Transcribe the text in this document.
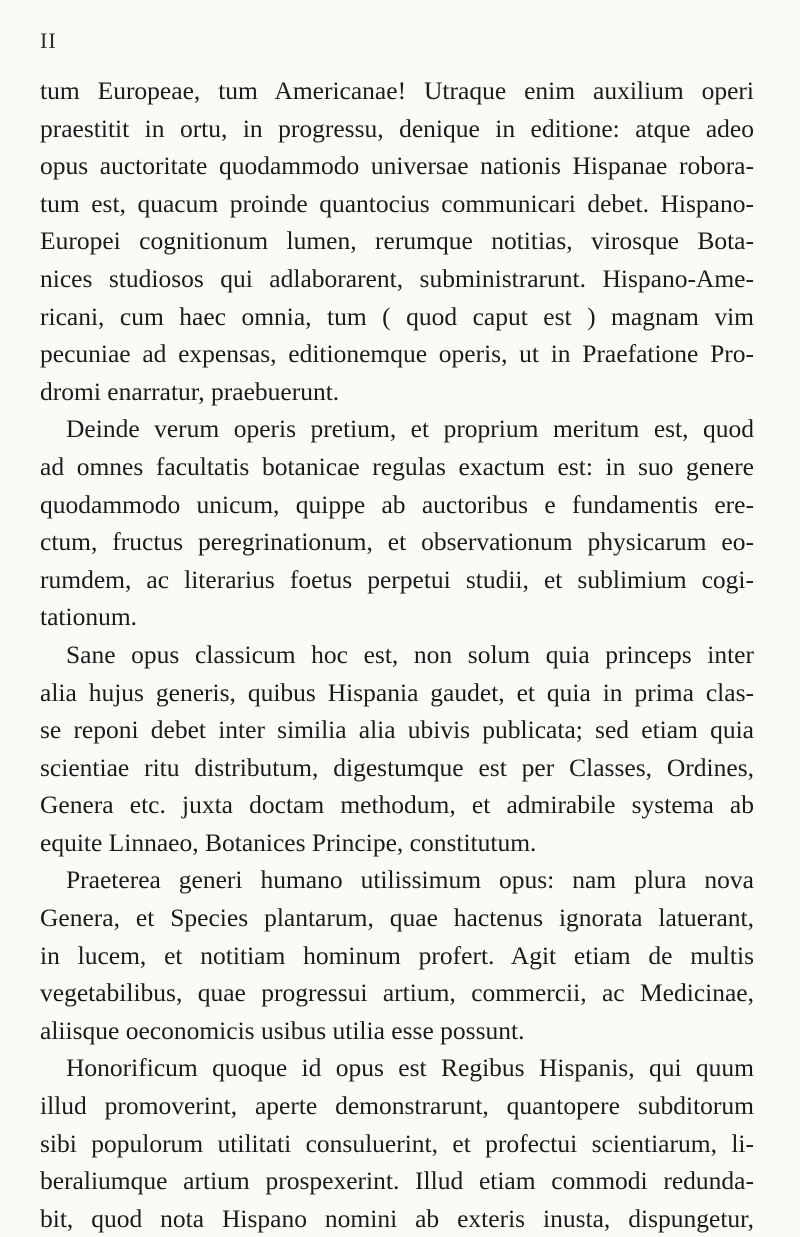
II
tum Europeae, tum Americanae! Utraque enim auxilium operi
praestitit in ortu, in progressu, denique in editione: atque adeo
opus auctoritate quodammodo universae nationis Hispanae robora-
tum est, quacum proinde quantocius communicari debet. Hispano-
Europei cognitionum lumen, rerumque notitias, virosque Bota-
nices studiosos qui adlaborarent, subministrarunt. Hispano-Ame-
ricani, cum haec omnia, tum ( quod caput est ) magnam vim
pecuniae ad expensas, editionemque operis, ut in Praefatione Pro-
dromi enarratur, praebuerunt.
Deinde verum operis pretium, et proprium meritum est, quod
ad omnes facultatis botanicae regulas exactum est: in suo genere
quodammodo unicum, quippe ab auctoribus e fundamentis ere-
ctum, fructus peregrinationum, et observationum physicarum eo-
rumdem, ac literarius foetus perpetui studii, et sublimium cogi-
tationum.
Sane opus classicum hoc est, non solum quia princeps inter
alia hujus generis, quibus Hispania gaudet, et quia in prima clas-
se reponi debet inter similia alia ubivis publicata; sed etiam quia
scientiae ritu distributum, digestumque est per Classes, Ordines,
Genera etc. juxta doctam methodum, et admirabile systema ab
equite Linnaeo, Botanices Principe, constitutum.
Praeterea generi humano utilissimum opus: nam plura nova
Genera, et Species plantarum, quae hactenus ignorata latuerant,
in lucem, et notitiam hominum profert. Agit etiam de multis
vegetabilibus, quae progressui artium, commercii, ac Medicinae,
aliisque oeconomicis usibus utilia esse possunt.
Honorificum quoque id opus est Regibus Hispanis, qui quum
illud promoverint, aperte demonstrarunt, quantopere subditorum
sibi populorum utilitati consuluerint, et profectui scientiarum, li-
beraliumque artium prospexerint. Illud etiam commodi redunda-
bit, quod nota Hispano nomini ab exteris inusta, dispungetur,
